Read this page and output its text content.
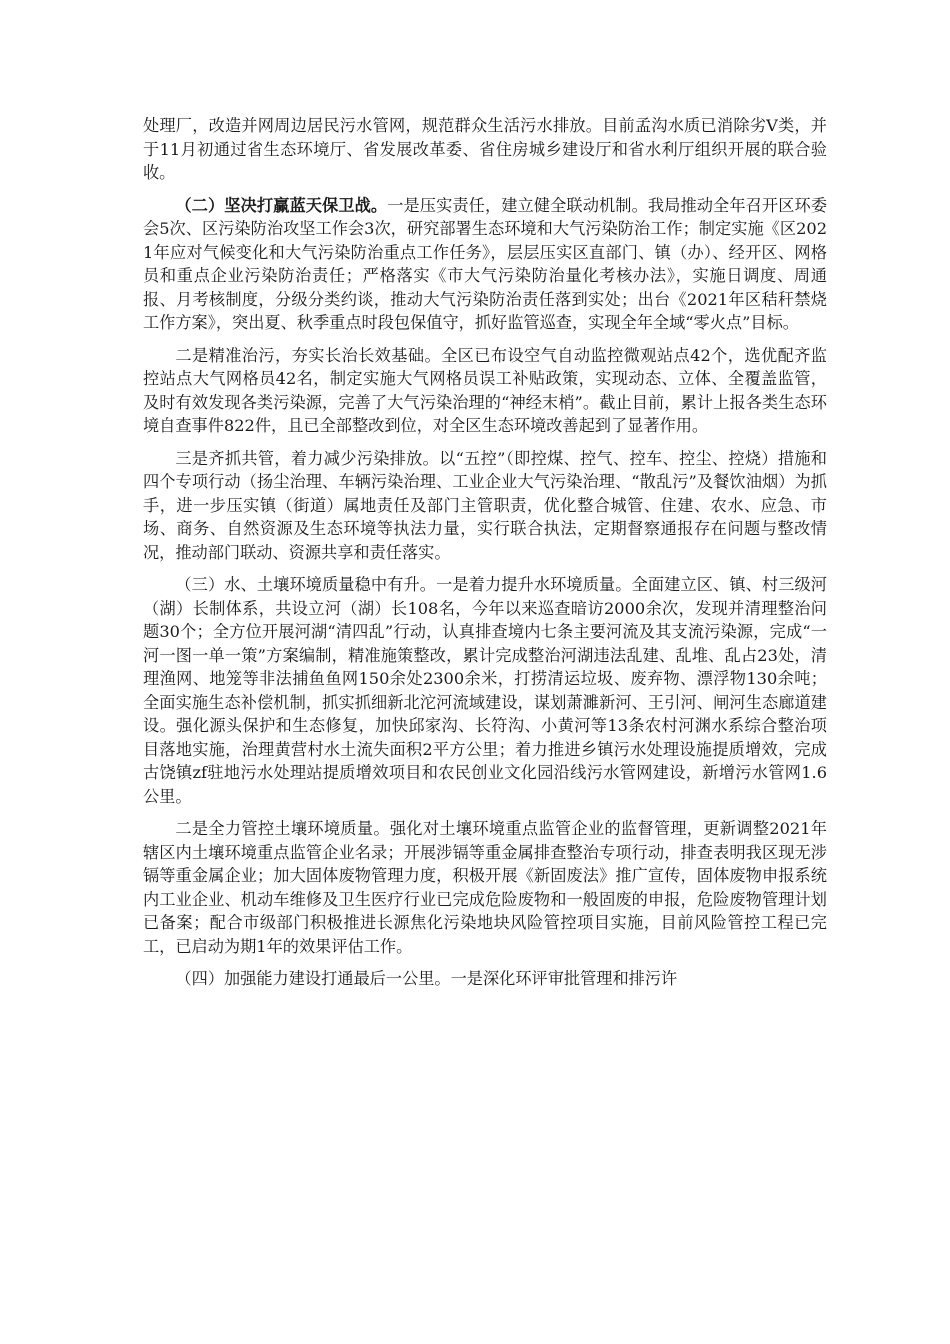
处理厂，改造并网周边居民污水管网，规范群众生活污水排放。目前孟沟水质已消除劣Ⅴ类，并于11月初通过省生态环境厅、省发展改革委、省住房城乡建设厅和省水利厅组织开展的联合验收。

（二）坚决打赢蓝天保卫战。一是压实责任，建立健全联动机制。我局推动全年召开区环委会5次、区污染防治攻坚工作会3次，研究部署生态环境和大气污染防治工作；制定实施《区2021年应对气候变化和大气污染防治重点工作任务》，层层压实区直部门、镇（办）、经开区、网格员和重点企业污染防治责任；严格落实《市大气污染防治量化考核办法》，实施日调度、周通报、月考核制度，分级分类约谈，推动大气污染防治责任落到实处；出台《2021年区秸秆禁烧工作方案》，突出夏、秋季重点时段包保值守，抓好监管巡查，实现全年全域“零火点”目标。

二是精准治污，夯实长治长效基础。全区已布设空气自动监控微观站点42个，选优配齐监控站点大气网格员42名，制定实施大气网格员误工补贴政策，实现动态、立体、全覆盖监管，及时有效发现各类污染源，完善了大气污染治理的“神经末梢”。截止目前，累计上报各类生态环境自查事件822件，且已全部整改到位，对全区生态环境改善起到了显著作用。

三是齐抓共管，着力减少污染排放。以“五控”（即控煤、控气、控车、控尘、控烧）措施和四个专项行动（扬尘治理、车辆污染治理、工业企业大气污染治理、“散乱污”及餐饮油烟）为抓手，进一步压实镇（街道）属地责任及部门主管职责，优化整合城管、住建、农水、应急、市场、商务、自然资源及生态环境等执法力量，实行联合执法，定期督察通报存在问题与整改情况，推动部门联动、资源共享和责任落实。

（三）水、土壤环境质量稳中有升。一是着力提升水环境质量。全面建立区、镇、村三级河（湖）长制体系，共设立河（湖）长108名，今年以来巡查暗访2000余次，发现并清理整治问题30个；全方位开展河湖“清四乱”行动，认真排查境内七条主要河流及其支流污染源，完成“一河一图一单一策”方案编制，精准施策整改，累计完成整治河湖违法乱建、乱堆、乱占23处，清理渔网、地笼等非法捕鱼鱼网150余处2300余米，打捞清运垃圾、废弃物、漂浮物130余吨；全面实施生态补偿机制，抓实抓细新北沱河流域建设，谋划萧濉新河、王引河、闸河生态廊道建设。强化源头保护和生态修复，加快邱家沟、长符沟、小黄河等13条农村河渊水系综合整治项目落地实施，治理黄营村水土流失面积2平方公里；着力推进乡镇污水处理设施提质增效，完成古饶镇zf驻地污水处理站提质增效项目和农民创业文化园沿线污水管网建设，新增污水管网1.6公里。

二是全力管控土壤环境质量。强化对土壤环境重点监管企业的监督管理，更新调整2021年辖区内土壤环境重点监管企业名录；开展涉镉等重金属排查整治专项行动，排查表明我区现无涉镉等重金属企业；加大固体废物管理力度，积极开展《新固废法》推广宣传，固体废物申报系统内工业企业、机动车维修及卫生医疗行业已完成危险废物和一般固废的申报，危险废物管理计划已备案；配合市级部门积极推进长源焦化污染地块风险管控项目实施，目前风险管控工程已完工，已启动为期1年的效果评估工作。

（四）加强能力建设打通最后一公里。一是深化环评审批管理和排污许
